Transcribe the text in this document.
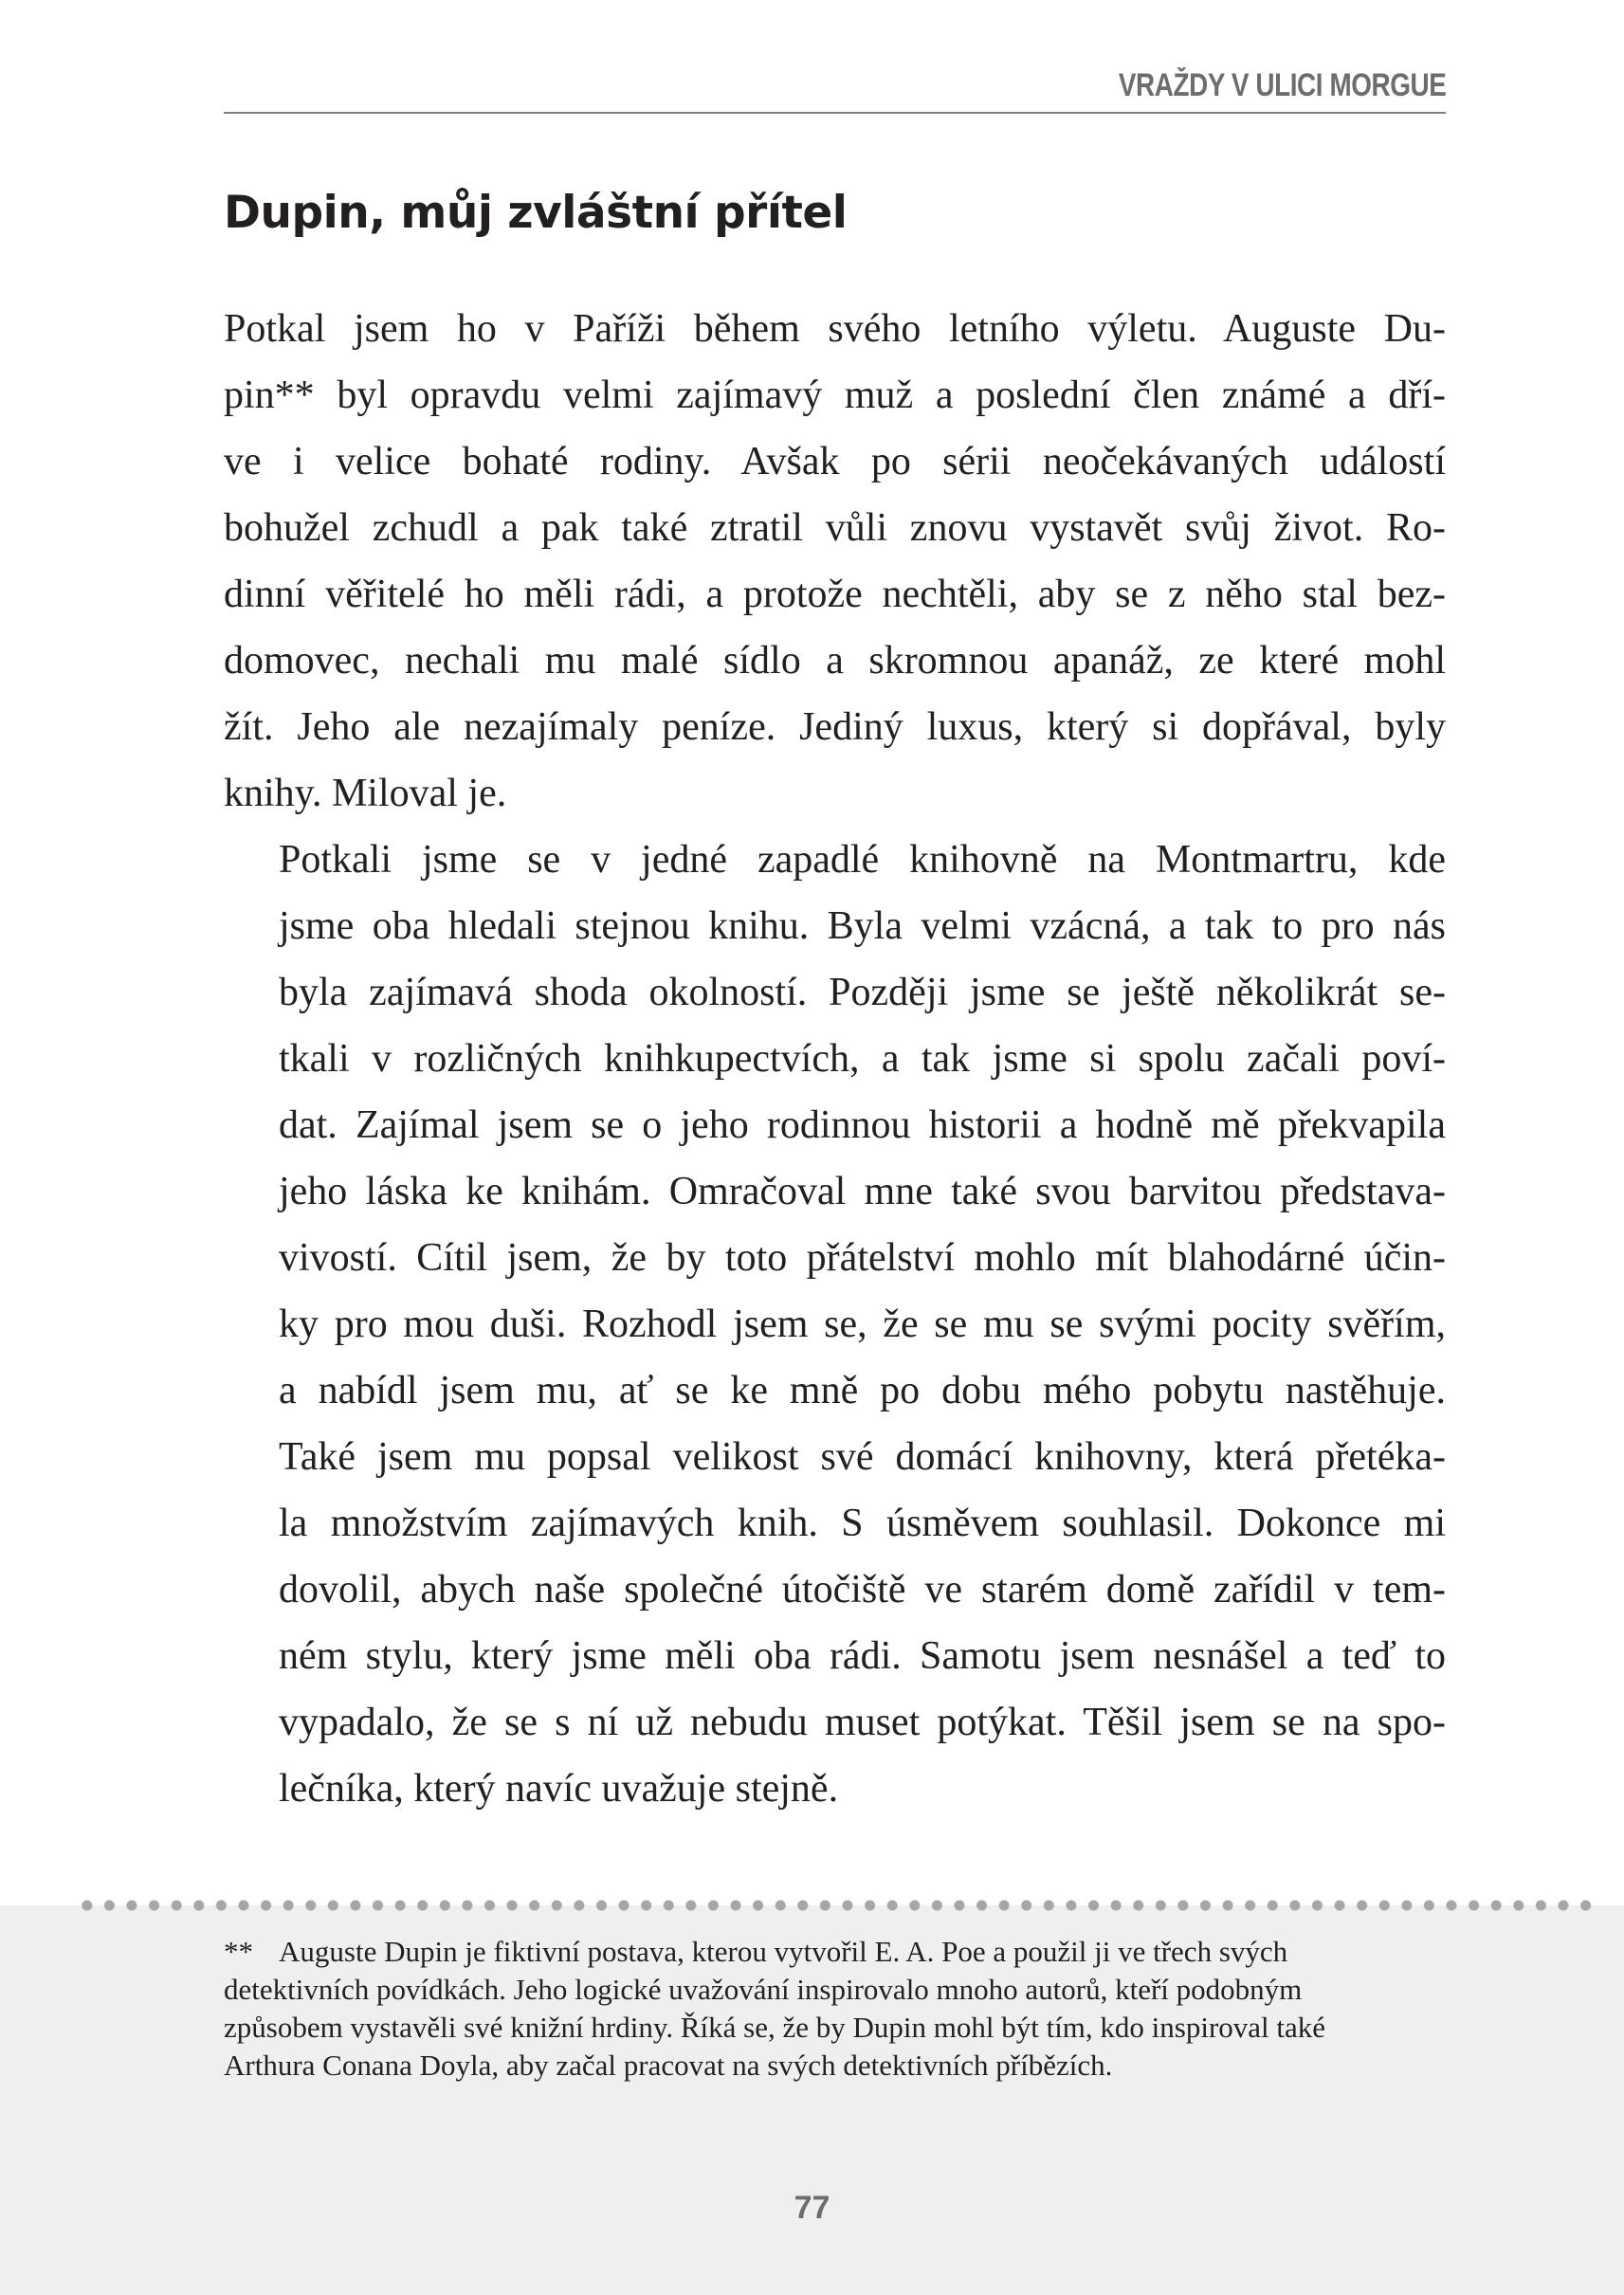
VRAŽDY V ULICI MORGUE
Dupin, můj zvláštní přítel

Potkal jsem ho v Paříži během svého letního výletu. Auguste Du-
pin** byl opravdu velmi zajímavý muž a poslední člen známé a dří-
ve i velice bohaté rodiny. Avšak po sérii neočekávaných událostí
bohužel zchudl a pak také ztratil vůli znovu vystavět svůj život. Ro-
dinní věřitelé ho měli rádi, a protože nechtěli, aby se z něho stal bez-
domovec, nechali mu malé sídlo a skromnou apanáž, ze které mohl
žít. Jeho ale nezajímaly peníze. Jediný luxus, který si dopřával, byly
knihy. Miloval je.

Potkali jsme se v jedné zapadlé knihovně na Montmartru, kde
jsme oba hledali stejnou knihu. Byla velmi vzácná, a tak to pro nás
byla zajímavá shoda okolností. Později jsme se ještě několikrát se-
tkali v rozličných knihkupectvích, a tak jsme si spolu začali poví-
dat. Zajímal jsem se o jeho rodinnou historii a hodně mě překvapila
jeho láska ke knihám. Omračoval mne také svou barvitou představa-
vivostí. Cítil jsem, že by toto přátelství mohlo mít blahodárné účin-
ky pro mou duši. Rozhodl jsem se, že se mu se svými pocity svěřím,
a nabídl jsem mu, ať se ke mně po dobu mého pobytu nastěhuje.
Také jsem mu popsal velikost své domácí knihovny, která přetéka-
la množstvím zajímavých knih. S úsměvem souhlasil. Dokonce mi
dovolil, abych naše společné útočiště ve starém domě zařídil v tem-
ném stylu, který jsme měli oba rádi. Samotu jsem nesnášel a teď to
vypadalo, že se s ní už nebudu muset potýkat. Těšil jsem se na spo-
lečníka, který navíc uvažuje stejně.

** Auguste Dupin je fiktivní postava, kterou vytvořil E. A. Poe a použil ji ve třech svých
detektivních povídkách. Jeho logické uvažování inspirovalo mnoho autorů, kteří podobným
způsobem vystavěli své knižní hrdiny. Říká se, že by Dupin mohl být tím, kdo inspiroval také
Arthura Conana Doyla, aby začal pracovat na svých detektivních příbězích.
77
